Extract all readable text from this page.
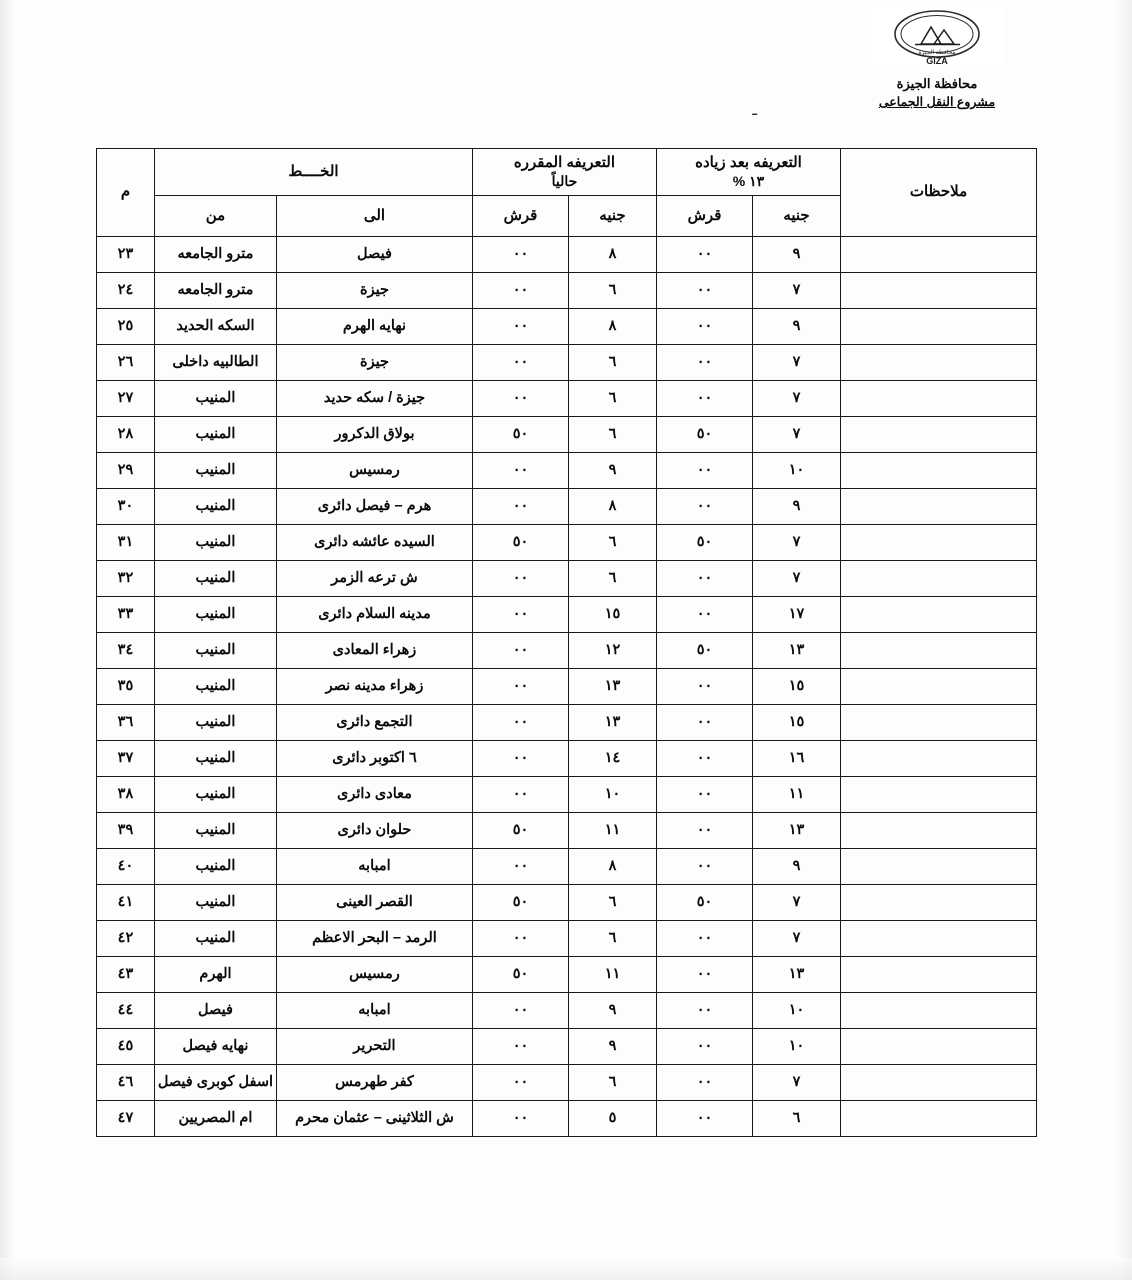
محافظة الجيزة
GIZA
محافظة الجيزة
مشروع النقل الجماعى
ـ
ملاحظات	التعريفه بعد زياده
١٣ %		التعريفه المقرره
حالياً		الخــــط		م
	جنيه	قرش	جنيه	قرش	الى	من	
	٩	٠٠	٨	٠٠	فيصل	مترو الجامعه	٢٣
	٧	٠٠	٦	٠٠	جيزة	مترو الجامعه	٢٤
	٩	٠٠	٨	٠٠	نهايه الهرم	السكه الحديد	٢٥
	٧	٠٠	٦	٠٠	جيزة	الطالبيه داخلى	٢٦
	٧	٠٠	٦	٠٠	جيزة / سكه حديد	المنيب	٢٧
	٧	٥٠	٦	٥٠	بولاق الدكرور	المنيب	٢٨
	١٠	٠٠	٩	٠٠	رمسيس	المنيب	٢٩
	٩	٠٠	٨	٠٠	هرم – فيصل دائرى	المنيب	٣٠
	٧	٥٠	٦	٥٠	السيده عائشه دائرى	المنيب	٣١
	٧	٠٠	٦	٠٠	ش ترعه الزمر	المنيب	٣٢
	١٧	٠٠	١٥	٠٠	مدينه السلام دائرى	المنيب	٣٣
	١٣	٥٠	١٢	٠٠	زهراء المعادى	المنيب	٣٤
	١٥	٠٠	١٣	٠٠	زهراء مدينه نصر	المنيب	٣٥
	١٥	٠٠	١٣	٠٠	التجمع دائرى	المنيب	٣٦
	١٦	٠٠	١٤	٠٠	٦ اكتوبر دائرى	المنيب	٣٧
	١١	٠٠	١٠	٠٠	معادى دائرى	المنيب	٣٨
	١٣	٠٠	١١	٥٠	حلوان دائرى	المنيب	٣٩
	٩	٠٠	٨	٠٠	امبابه	المنيب	٤٠
	٧	٥٠	٦	٥٠	القصر العينى	المنيب	٤١
	٧	٠٠	٦	٠٠	الرمد – البحر الاعظم	المنيب	٤٢
	١٣	٠٠	١١	٥٠	رمسيس	الهرم	٤٣
	١٠	٠٠	٩	٠٠	امبابه	فيصل	٤٤
	١٠	٠٠	٩	٠٠	التحرير	نهايه فيصل	٤٥
	٧	٠٠	٦	٠٠	كفر طهرمس	اسفل كوبرى فيصل	٤٦
	٦	٠٠	٥	٠٠	ش الثلاثينى – عثمان محرم	ام المصريين	٤٧
